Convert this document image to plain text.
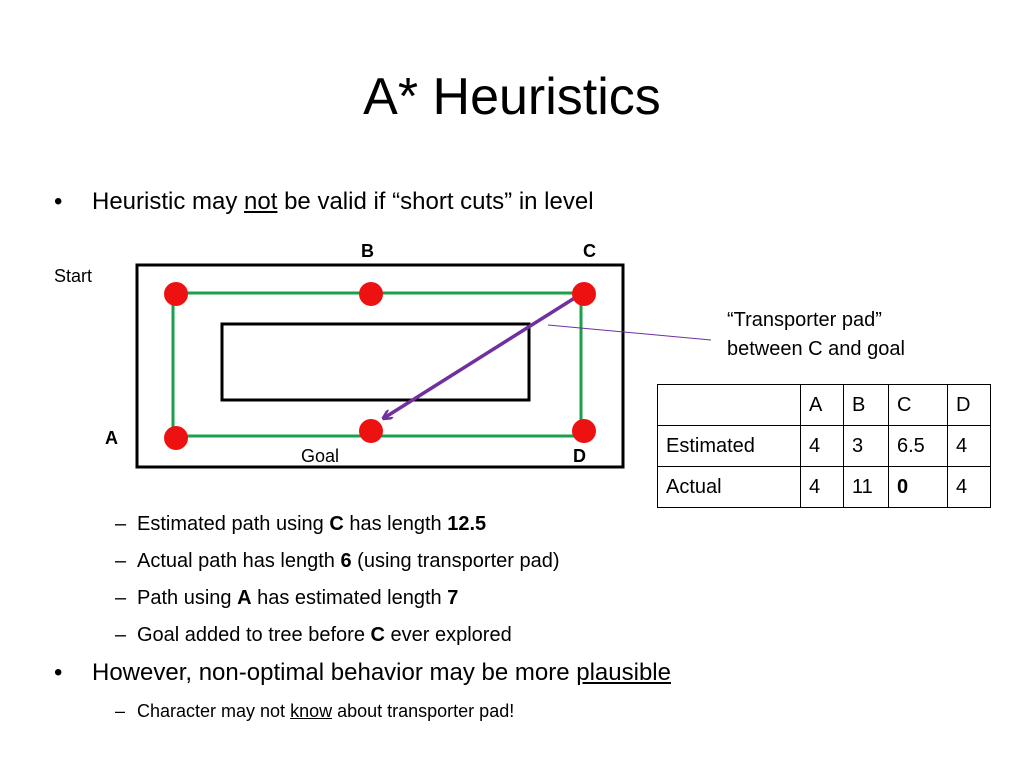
A* Heuristics
• Heuristic may not be valid if “short cuts” in level
Start
B	C
A
Goal	D
“Transporter pad”
between C and goal
	A	B	C	D
Estimated	4	3	6.5	4
Actual	4	11	0	4
– Estimated path using C has length 12.5
– Actual path has length 6 (using transporter pad)
– Path using A has estimated length 7
– Goal added to tree before C ever explored
• However, non-optimal behavior may be more plausible
– Character may not know about transporter pad!
